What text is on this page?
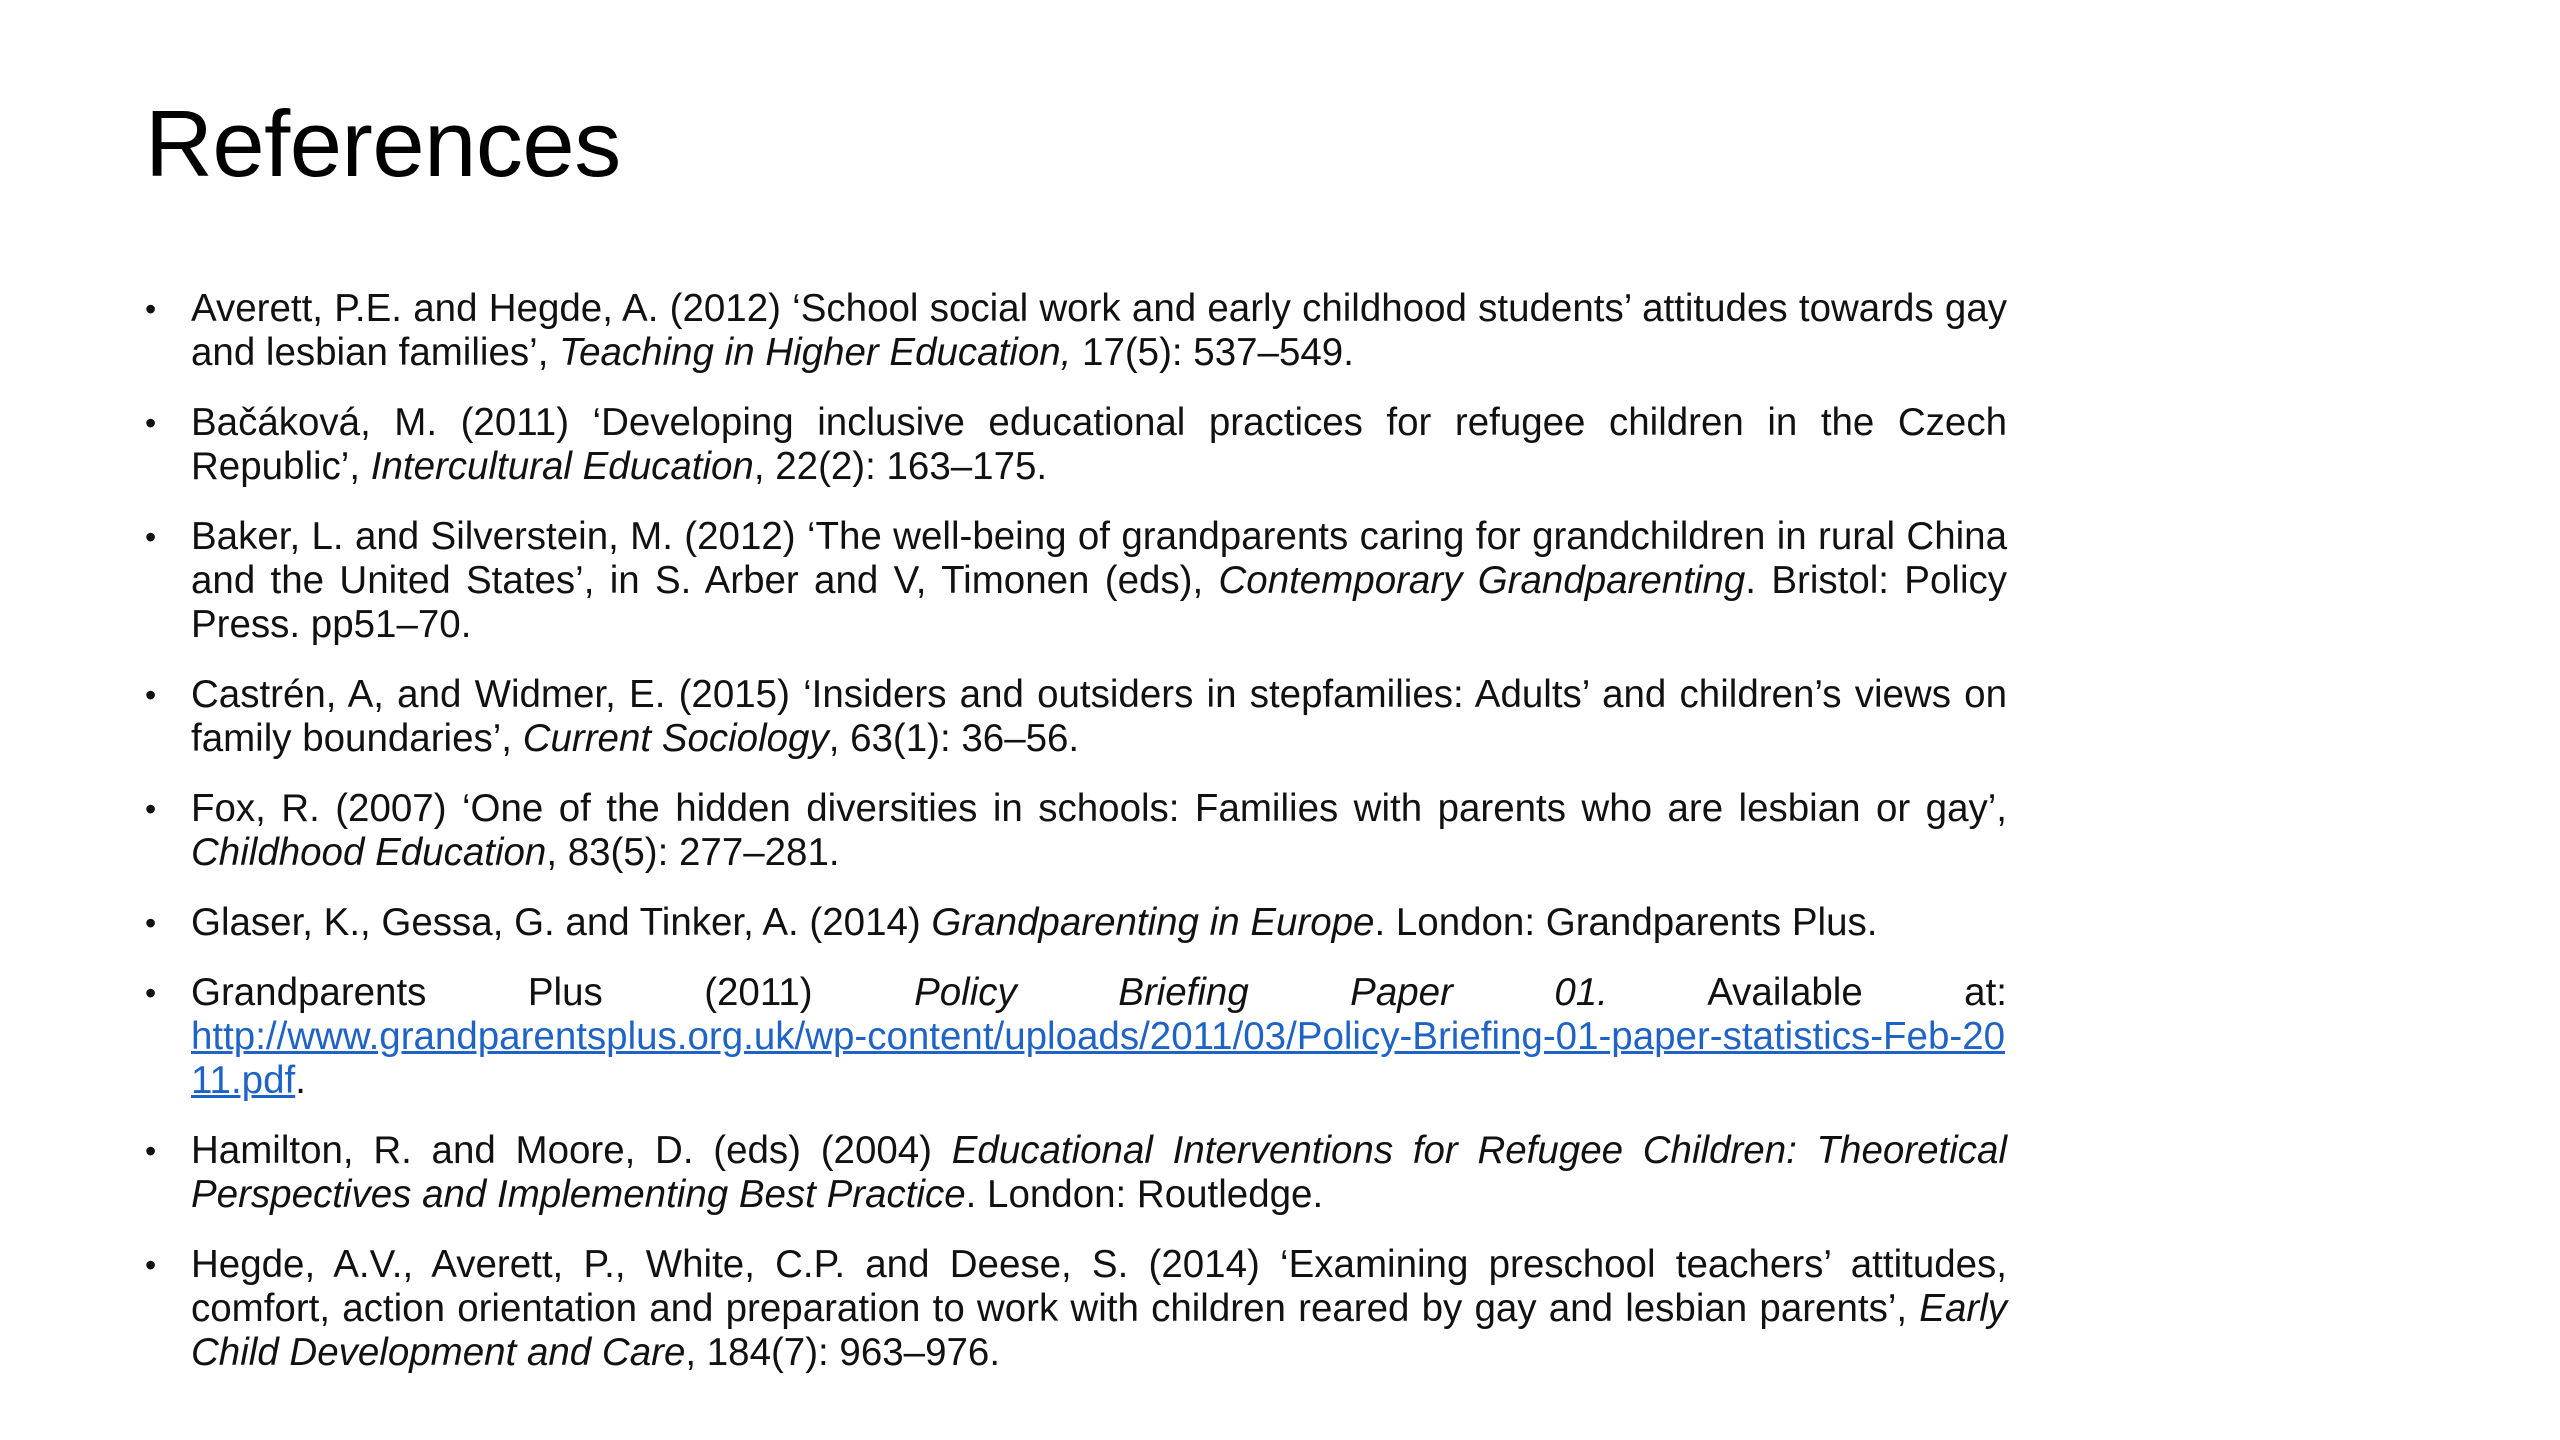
References
• Averett, P.E. and Hegde, A. (2012) ‘School social work and early childhood students’ attitudes towards gay and lesbian families’, Teaching in Higher Education, 17(5): 537–549.
• Bačáková, M. (2011) ‘Developing inclusive educational practices for refugee children in the Czech Republic’, Intercultural Education, 22(2): 163–175.
• Baker, L. and Silverstein, M. (2012) ‘The well-being of grandparents caring for grandchildren in rural China and the United States’, in S. Arber and V, Timonen (eds), Contemporary Grandparenting. Bristol: Policy Press. pp51–70.
• Castrén, A, and Widmer, E. (2015) ‘Insiders and outsiders in stepfamilies: Adults’ and children’s views on family boundaries’, Current Sociology, 63(1): 36–56.
• Fox, R. (2007) ‘One of the hidden diversities in schools: Families with parents who are lesbian or gay’, Childhood Education, 83(5): 277–281.
• Glaser, K., Gessa, G. and Tinker, A. (2014) Grandparenting in Europe. London: Grandparents Plus.
• Grandparents Plus (2011) Policy Briefing Paper 01. Available at:
http://www.grandparentsplus.org.uk/wp-content/uploads/2011/03/Policy-Briefing-01-paper-statistics-Feb-2011.pdf.
• Hamilton, R. and Moore, D. (eds) (2004) Educational Interventions for Refugee Children: Theoretical Perspectives and Implementing Best Practice. London: Routledge.
• Hegde, A.V., Averett, P., White, C.P. and Deese, S. (2014) ‘Examining preschool teachers’ attitudes, comfort, action orientation and preparation to work with children reared by gay and lesbian parents’, Early Child Development and Care, 184(7): 963–976.
